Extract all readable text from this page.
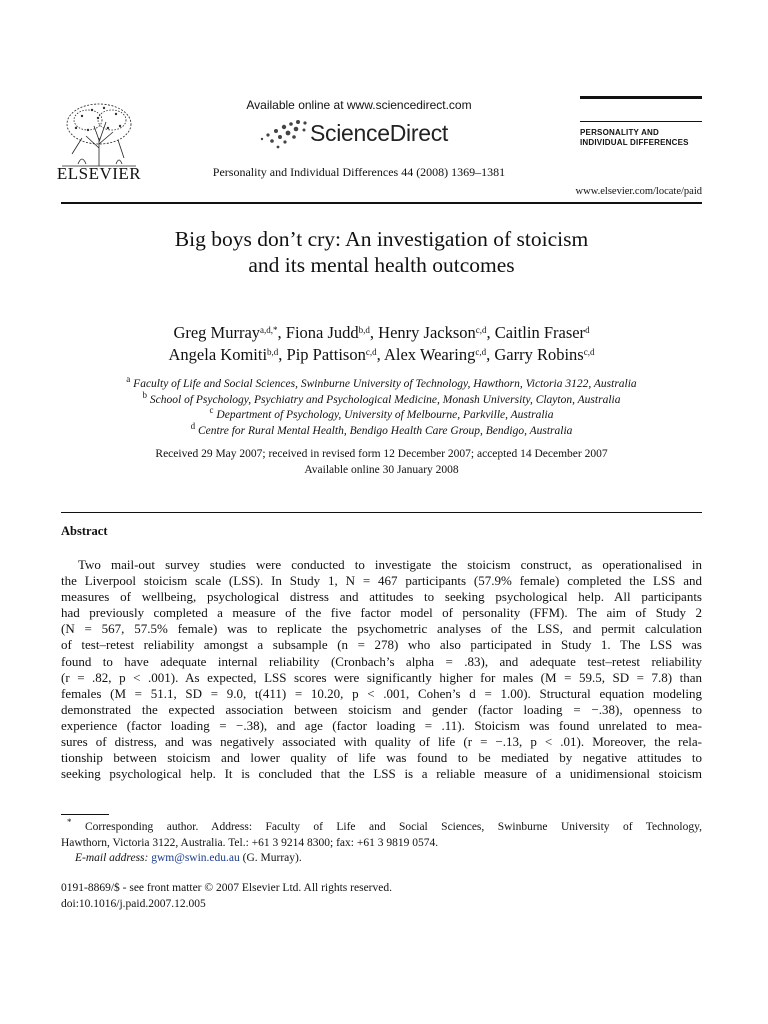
ELSEVIER
Available online at www.sciencedirect.com
ScienceDirect
Personality and Individual Differences 44 (2008) 1369–1381
PERSONALITY AND
INDIVIDUAL DIFFERENCES
www.elsevier.com/locate/paid
Big boys don’t cry: An investigation of stoicism
and its mental health outcomes
Greg Murray$^{a,d,*}$, Fiona Judd$^{b,d}$, Henry Jackson$^{c,d}$, Caitlin Fraser$^d$
Angela Komiti$^{b,d}$, Pip Pattison$^{c,d}$, Alex Wearing$^{c,d}$, Garry Robins$^{c,d}$
$^a$ Faculty of Life and Social Sciences, Swinburne University of Technology, Hawthorn, Victoria 3122, Australia
$^b$ School of Psychology, Psychiatry and Psychological Medicine, Monash University, Clayton, Australia
$^c$ Department of Psychology, University of Melbourne, Parkville, Australia
$^d$ Centre for Rural Mental Health, Bendigo Health Care Group, Bendigo, Australia
Received 29 May 2007; received in revised form 12 December 2007; accepted 14 December 2007
Available online 30 January 2008
Abstract
Two mail-out survey studies were conducted to investigate the stoicism construct, as operationalised in
the Liverpool stoicism scale (LSS). In Study 1, N = 467 participants (57.9% female) completed the LSS and
measures of wellbeing, psychological distress and attitudes to seeking psychological help. All participants
had previously completed a measure of the five factor model of personality (FFM). The aim of Study 2
(N = 567, 57.5% female) was to replicate the psychometric analyses of the LSS, and permit calculation
of test–retest reliability amongst a subsample (n = 278) who also participated in Study 1. The LSS was
found to have adequate internal reliability (Cronbach’s alpha = .83), and adequate test–retest reliability
(r = .82, p < .001). As expected, LSS scores were significantly higher for males (M = 59.5, SD = 7.8) than
females (M = 51.1, SD = 9.0, t(411) = 10.20, p < .001, Cohen’s d = 1.00). Structural equation modeling
demonstrated the expected association between stoicism and gender (factor loading = −.38), openness to
experience (factor loading = −.38), and age (factor loading = .11). Stoicism was found unrelated to mea-
sures of distress, and was negatively associated with quality of life (r = −.13, p < .01). Moreover, the rela-
tionship between stoicism and lower quality of life was found to be mediated by negative attitudes to
seeking psychological help. It is concluded that the LSS is a reliable measure of a unidimensional stoicism
* Corresponding author. Address: Faculty of Life and Social Sciences, Swinburne University of Technology,
Hawthorn, Victoria 3122, Australia. Tel.: +61 3 9214 8300; fax: +61 3 9819 0574.
E-mail address: gwm@swin.edu.au (G. Murray).
0191-8869/$ - see front matter © 2007 Elsevier Ltd. All rights reserved.
doi:10.1016/j.paid.2007.12.005
